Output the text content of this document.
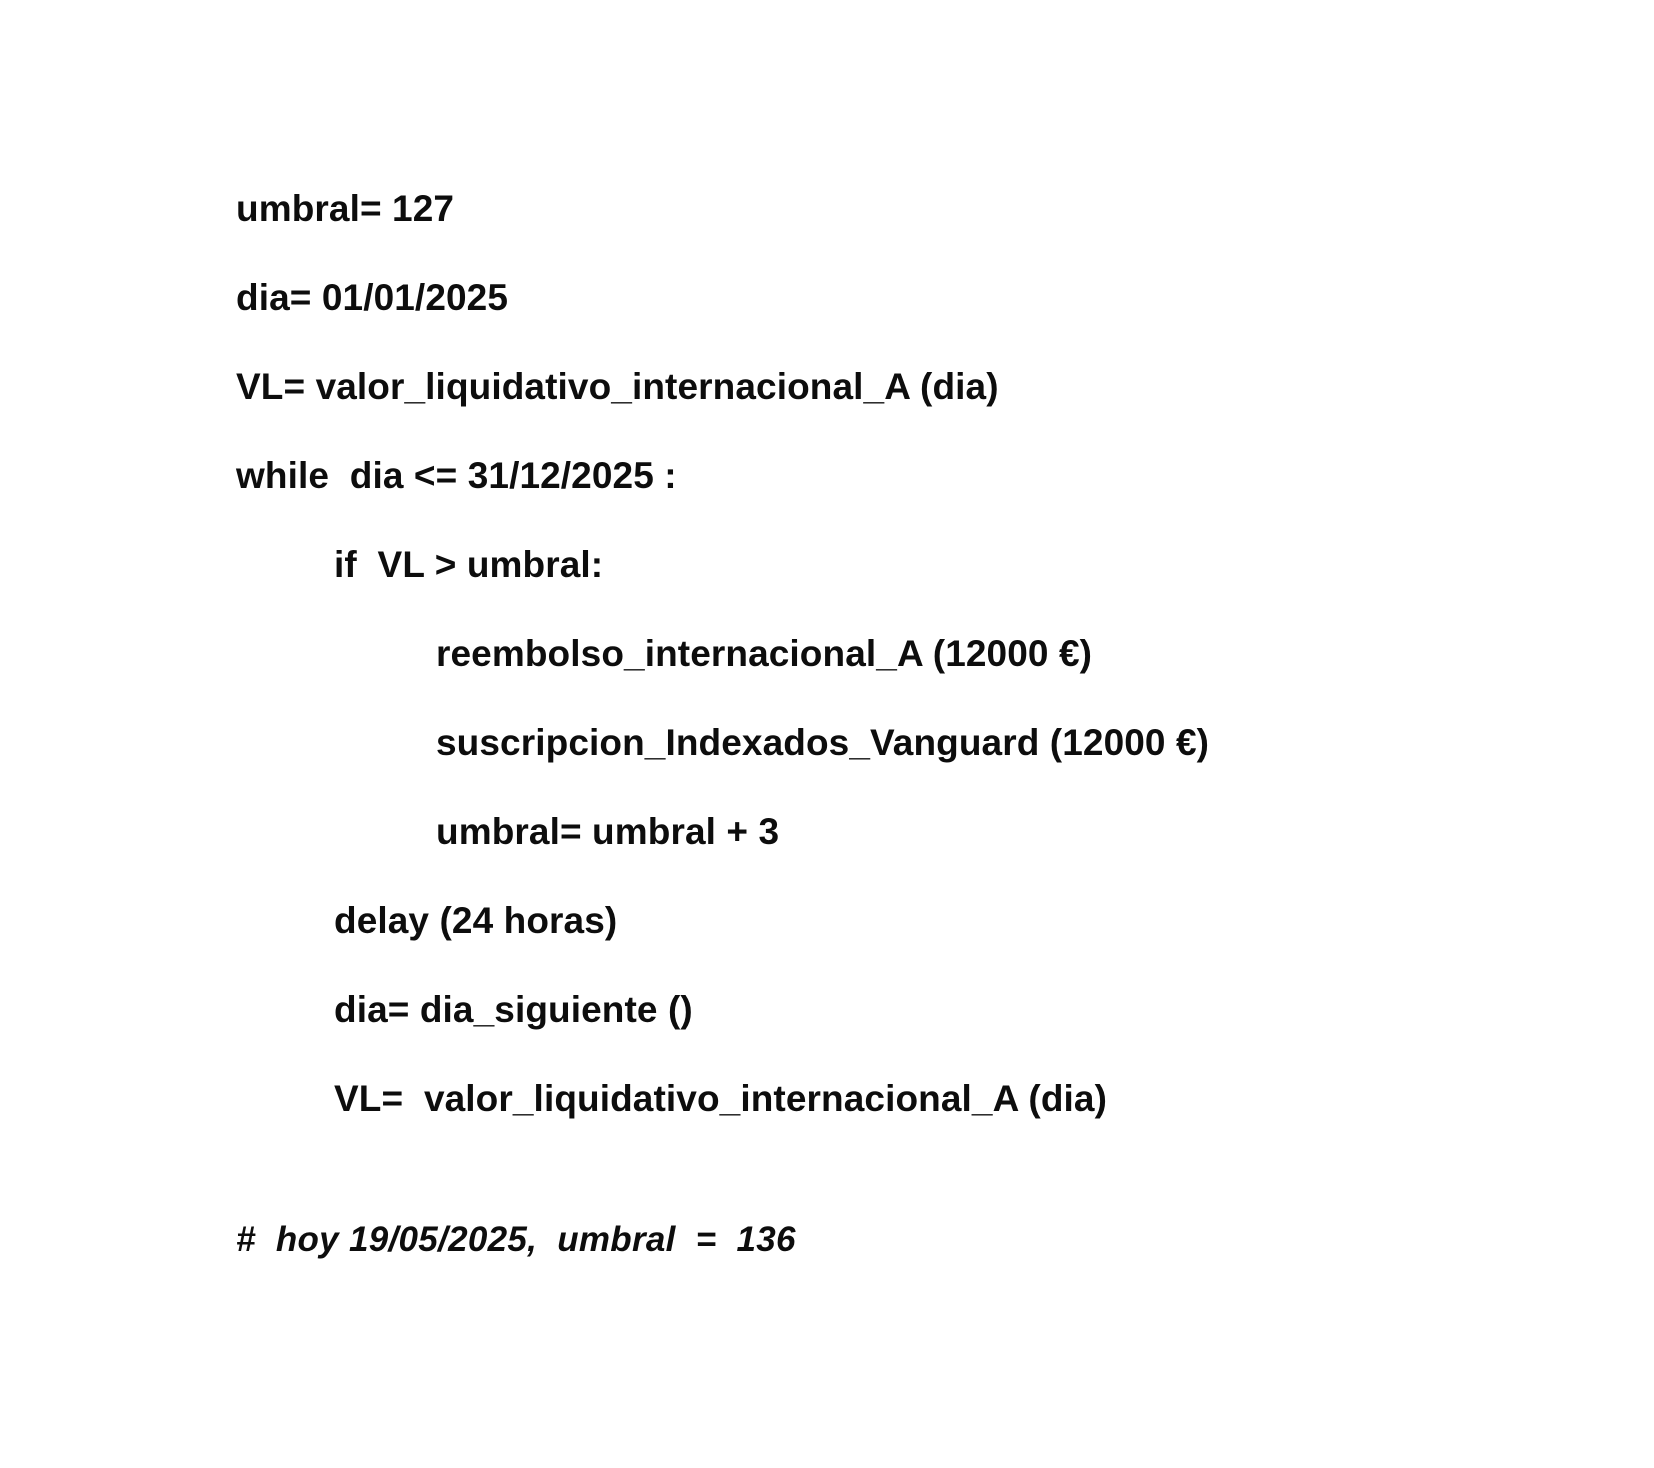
umbral= 127
dia= 01/01/2025
VL= valor_liquidativo_internacional_A (dia)
while  dia <= 31/12/2025 :
if  VL > umbral:
reembolso_internacional_A (12000 €)
suscripcion_Indexados_Vanguard (12000 €)
umbral= umbral + 3
delay (24 horas)
dia= dia_siguiente ()
VL=  valor_liquidativo_internacional_A (dia)
#  hoy 19/05/2025,  umbral  =  136
